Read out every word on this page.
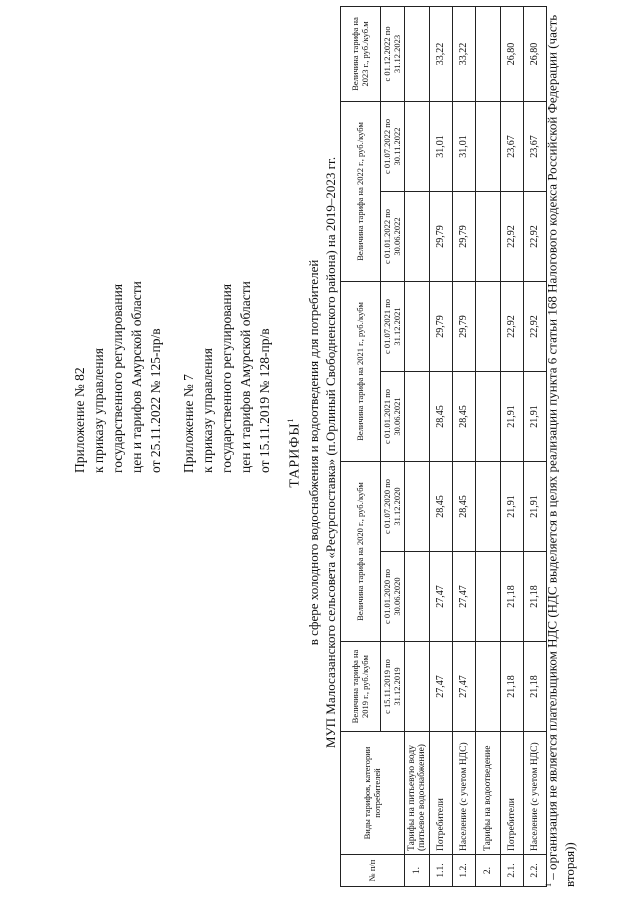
Приложение № 82 к приказу управления государственного регулирования цен и тарифов Амурской области от 25.11.2022 № 125-пр/в Приложение № 7 к приказу управления государственного регулирования цен и тарифов Амурской области от 15.11.2019 № 128-пр/в ТАРИФЫ$^1$ в сфере холодного водоснабжения и водоотведения для потребителей МУП Малосазанского сельсовета «Ресурспоставка» (п.Орлиный Свободненского района) на 2019–2023 гг.
№ п/п	Виды тарифов, категории потребителей	Величина тарифа на 2019 г., руб./кубм	Величина тарифа на 2020 г., руб./кубм		Величина тарифа на 2021 г., руб./кубм		Величина тарифа на 2022 г., руб./кубм		Величина тарифа на 2023 г., руб./куб.м
		с 15.11.2019 по 31.12.2019	с 01.01.2020 по 30.06.2020	с 01.07.2020 по 31.12.2020	с 01.01.2021 по 30.06.2021	с 01.07.2021 по 31.12.2021	с 01.01.2022 по 30.06.2022	с 01.07.2022 по 30.11.2022	с 01.12.2022 по 31.12.2023
1.	Тарифы на питьевую воду (питьевое водоснабжение)								
1.1.	Потребители	27,47	27,47	28,45	28,45	29,79	29,79	31,01	33,22
1.2.	Население (с учетом НДС)	27,47	27,47	28,45	28,45	29,79	29,79	31,01	33,22
2.	Тарифы на водоотведение								
2.1.	Потребители	21,18	21,18	21,91	21,91	22,92	22,92	23,67	26,80
2.2.	Население (с учетом НДС)	21,18	21,18	21,91	21,91	22,92	22,92	23,67	26,80
$^1$ – организация не является плательщиком НДС (НДС выделяется в целях реализации пункта 6 статьи 168 Налогового кодекса Российской Федерации (часть вторая))
